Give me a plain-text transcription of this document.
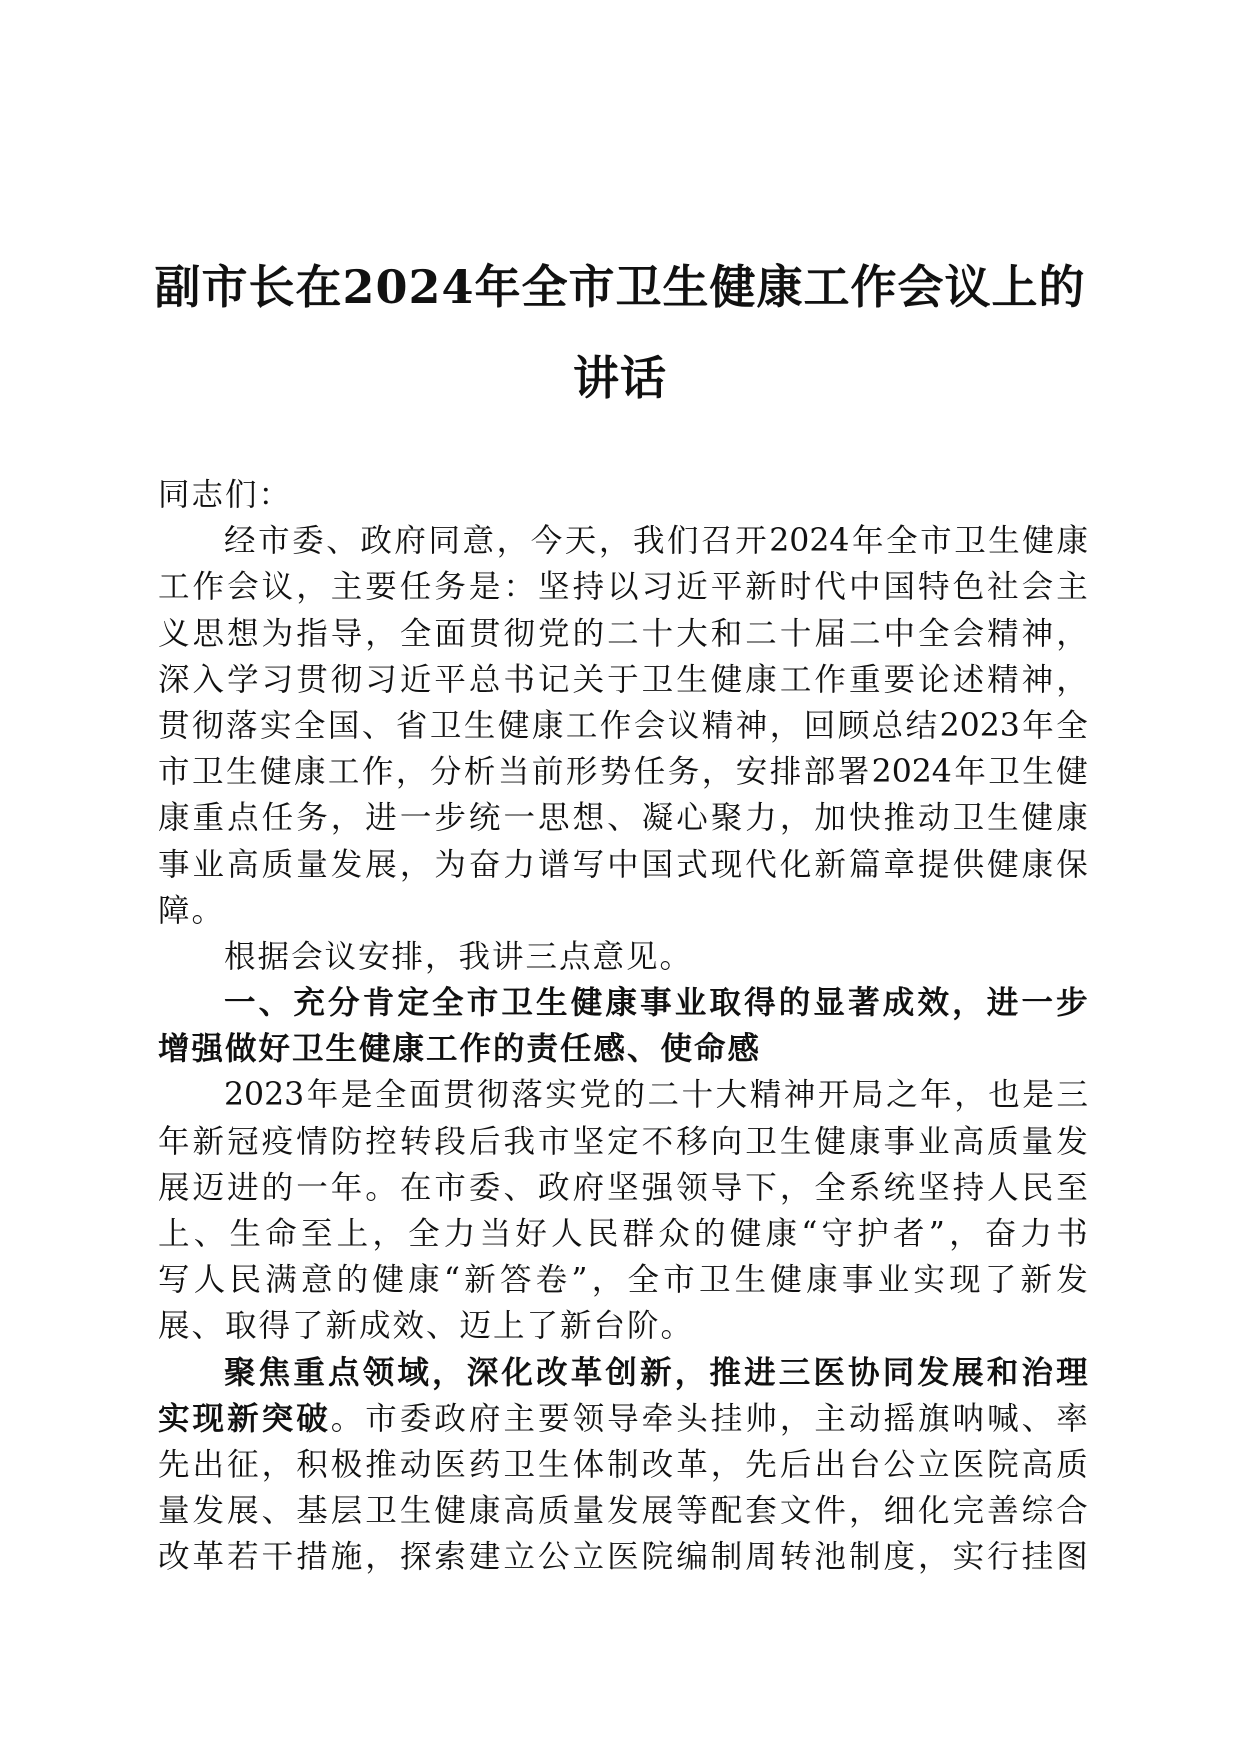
副市长在2024年全市卫生健康工作会议上的
讲话
同志们：
经 市 委 、 政 府 同 意 ， 今 天 ， 我 们 召 开 2024 年 全 市 卫 生 健 康
工 作 会 议 ， 主 要 任 务 是 ： 坚 持 以 习 近 平 新 时 代 中 国 特 色 社 会 主
义 思 想 为 指 导 ， 全 面 贯 彻 党 的 二 十 大 和 二 十 届 二 中 全 会 精 神 ，
深 入 学 习 贯 彻 习 近 平 总 书 记 关 于 卫 生 健 康 工 作 重 要 论 述 精 神 ，
贯 彻 落 实 全 国 、 省 卫 生 健 康 工 作 会 议 精 神 ， 回 顾 总 结 2023 年 全
市 卫 生 健 康 工 作 ， 分 析 当 前 形 势 任 务 ， 安 排 部 署 2024 年 卫 生 健
康 重 点 任 务 ， 进 一 步 统 一 思 想 、 凝 心 聚 力 ， 加 快 推 动 卫 生 健 康
事 业 高 质 量 发 展 ， 为 奋 力 谱 写 中 国 式 现 代 化 新 篇 章 提 供 健 康 保
障。
根据会议安排，我讲三点意见。
一 、 充 分 肯 定 全 市 卫 生 健 康 事 业 取 得 的 显 著 成 效 ， 进 一 步
增强做好卫生健康工作的责任感、使命感
2023 年 是 全 面 贯 彻 落 实 党 的 二 十 大 精 神 开 局 之 年 ， 也 是 三
年 新 冠 疫 情 防 控 转 段 后 我 市 坚 定 不 移 向 卫 生 健 康 事 业 高 质 量 发
展 迈 进 的 一 年 。 在 市 委 、 政 府 坚 强 领 导 下 ， 全 系 统 坚 持 人 民 至
上 、 生 命 至 上 ， 全 力 当 好 人 民 群 众 的 健 康 “ 守 护 者 ” ， 奋 力 书
写 人 民 满 意 的 健 康 “ 新 答 卷 ” ， 全 市 卫 生 健 康 事 业 实 现 了 新 发
展、取得了新成效、迈上了新台阶。
聚 焦 重 点 领 域 ， 深 化 改 革 创 新 ， 推 进 三 医 协 同 发 展 和 治 理
实 现 新 突 破 。 市 委 政 府 主 要 领 导 牵 头 挂 帅 ， 主 动 摇 旗 呐 喊 、 率
先 出 征 ， 积 极 推 动 医 药 卫 生 体 制 改 革 ， 先 后 出 台 公 立 医 院 高 质
量 发 展 、 基 层 卫 生 健 康 高 质 量 发 展 等 配 套 文 件 ， 细 化 完 善 综 合
改 革 若 干 措 施 ， 探 索 建 立 公 立 医 院 编 制 周 转 池 制 度 ， 实 行 挂 图
